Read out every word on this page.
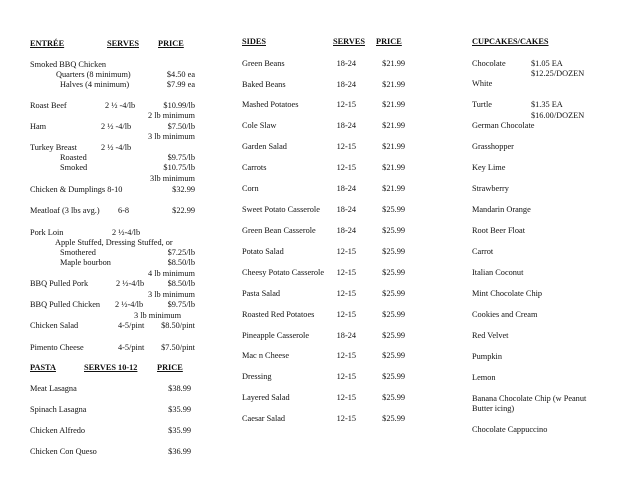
ENTRÉE	SERVES PRICE
Smoked BBQ Chicken
Quarters (8 minimum)	$4.50 ea
Halves (4 minimum)	$7.99 ea
Roast Beef	2 ½ -4/lb	$10.99/lb
2 lb minimum
Ham	2 ½ -4/lb	$7.50/lb
3 lb minimum
Turkey Breast	2 ½ -4/lb
Roasted	$9.75/lb
Smoked	$10.75/lb
3lb minimum
Chicken & Dumplings 8-10	$32.99
Meatloaf (3 lbs avg.) 6-8	$22.99
Pork Loin	2 ½-4/lb
Apple Stuffed, Dressing Stuffed, or
Smothered	$7.25/lb
Maple bourbon	$8.50/lb
4 lb minimum
BBQ Pulled Pork	2 ½-4/lb	$8.50/lb
3 lb minimum
BBQ Pulled Chicken 2 ½-4/lb	$9.75/lb
3 lb minimum
Chicken Salad	4-5/pint $8.50/pint
Pimento Cheese	4-5/pint $7.50/pint
PASTA	SERVES 10-12 PRICE
Meat Lasagna	$38.99
Spinach Lasagna	$35.99
Chicken Alfredo	$35.99
Chicken Con Queso	$36.99
SIDES	SERVES PRICE
Green Beans	18-24	$21.99
Baked Beans	18-24	$21.99
Mashed Potatoes	12-15	$21.99
Cole Slaw	18-24	$21.99
Garden Salad	12-15	$21.99
Carrots	12-15	$21.99
Corn	18-24	$21.99
Sweet Potato Casserole 18-24	$25.99
Green Bean Casserole	18-24	$25.99
Potato Salad	12-15	$25.99
Cheesy Potato Casserole 12-15	$25.99
Pasta Salad	12-15	$25.99
Roasted Red Potatoes	12-15	$25.99
Pineapple Casserole	18-24	$25.99
Mac n Cheese	12-15	$25.99
Dressing	12-15	$25.99
Layered Salad	12-15	$25.99
Caesar Salad	12-15	$25.99
CUPCAKES/CAKES
Chocolate	$1.05 EA
$12.25/DOZEN
White
Turtle	$1.35 EA
$16.00/DOZEN
German Chocolate
Grasshopper
Key Lime
Strawberry
Mandarin Orange
Root Beer Float
Carrot
Italian Coconut
Mint Chocolate Chip
Cookies and Cream
Red Velvet
Pumpkin
Lemon
Banana Chocolate Chip (w Peanut
Butter icing)
Chocolate Cappuccino
